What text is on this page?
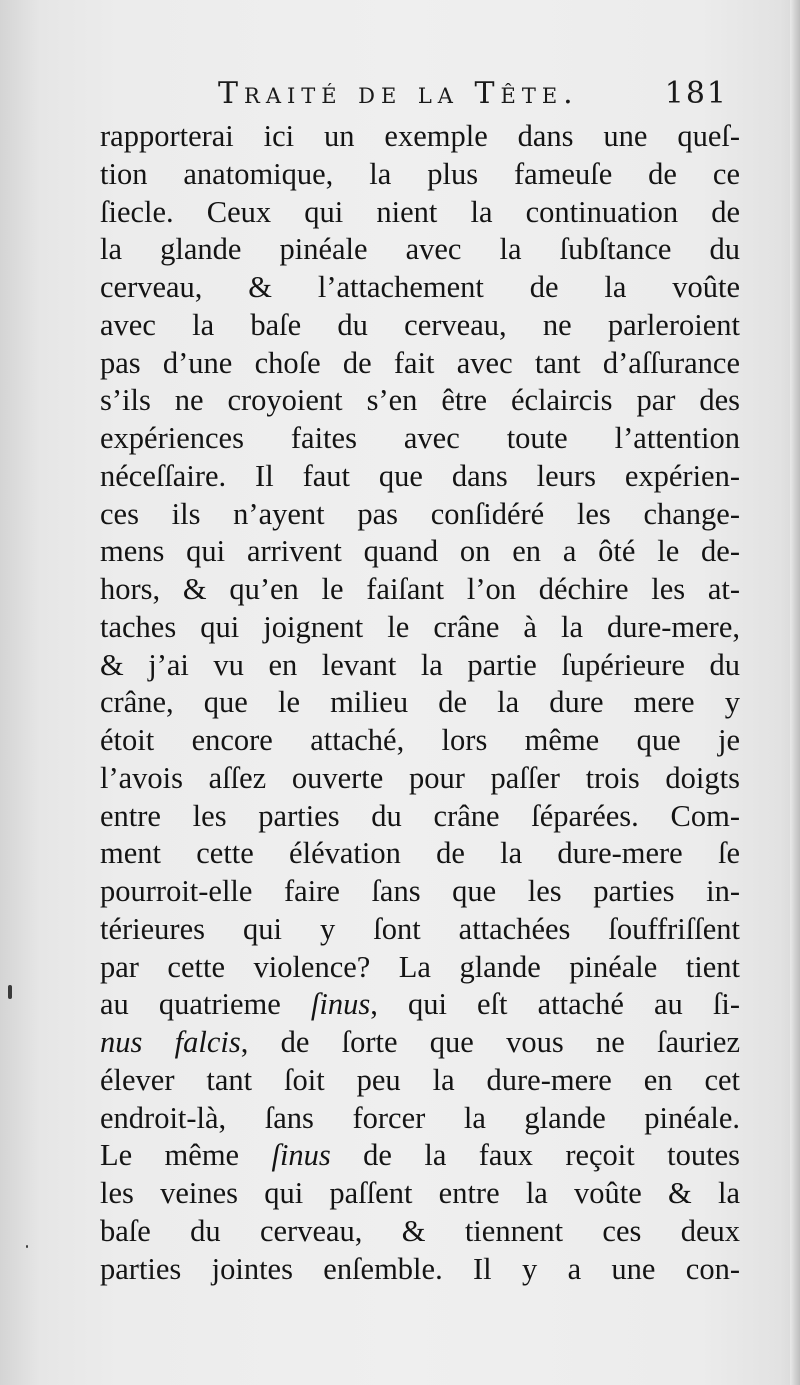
Traité de la Tête.	181
rapporterai ici un exemple dans une queſ-
tion anatomique, la plus fameuſe de ce
ſiecle. Ceux qui nient la continuation de
la glande pinéale avec la ſubſtance du
cerveau, & l’attachement de la voûte
avec la baſe du cerveau, ne parleroient
pas d’une choſe de fait avec tant d’aſſurance
s’ils ne croyoient s’en être éclaircis par des
expériences faites avec toute l’attention
néceſſaire. Il faut que dans leurs expérien-
ces ils n’ayent pas conſidéré les change-
mens qui arrivent quand on en a ôté le de-
hors, & qu’en le faiſant l’on déchire les at-
taches qui joignent le crâne à la dure-mere,
& j’ai vu en levant la partie ſupérieure du
crâne, que le milieu de la dure mere y
étoit encore attaché, lors même que je
l’avois aſſez ouverte pour paſſer trois doigts
entre les parties du crâne ſéparées. Com-
ment cette élévation de la dure-mere ſe
pourroit-elle faire ſans que les parties in-
térieures qui y ſont attachées ſouffriſſent
par cette violence? La glande pinéale tient
au quatrieme ſinus, qui eſt attaché au ſi-
nus falcis, de ſorte que vous ne ſauriez
élever tant ſoit peu la dure-mere en cet
endroit-là, ſans forcer la glande pinéale.
Le même ſinus de la faux reçoit toutes
les veines qui paſſent entre la voûte & la
baſe du cerveau, & tiennent ces deux
parties jointes enſemble. Il y a une con-
